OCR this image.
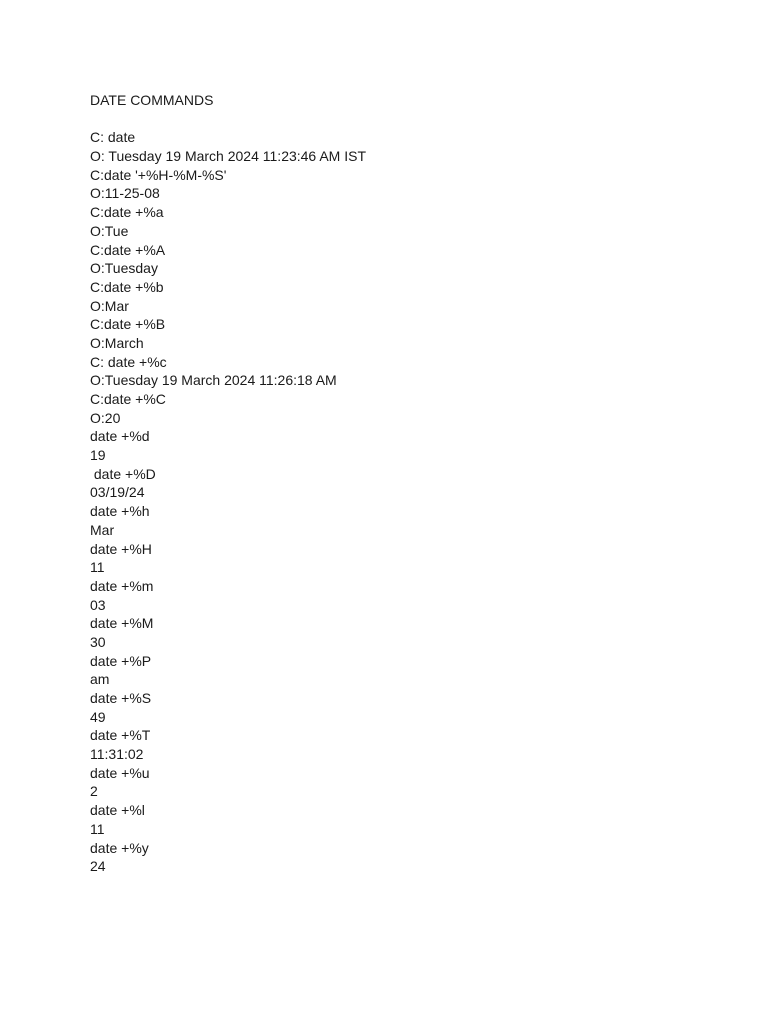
DATE COMMANDS
C: date
O: Tuesday 19 March 2024 11:23:46 AM IST
C:date '+%H-%M-%S'
O:11-25-08
C:date +%a
O:Tue
C:date +%A
O:Tuesday
C:date +%b
O:Mar
C:date +%B
O:March
C: date +%c
O:Tuesday 19 March 2024 11:26:18 AM
C:date +%C
O:20
date +%d
19
date +%D
03/19/24
date +%h
Mar
date +%H
11
date +%m
03
date +%M
30
date +%P
am
date +%S
49
date +%T
11:31:02
date +%u
2
date +%l
11
date +%y
24
